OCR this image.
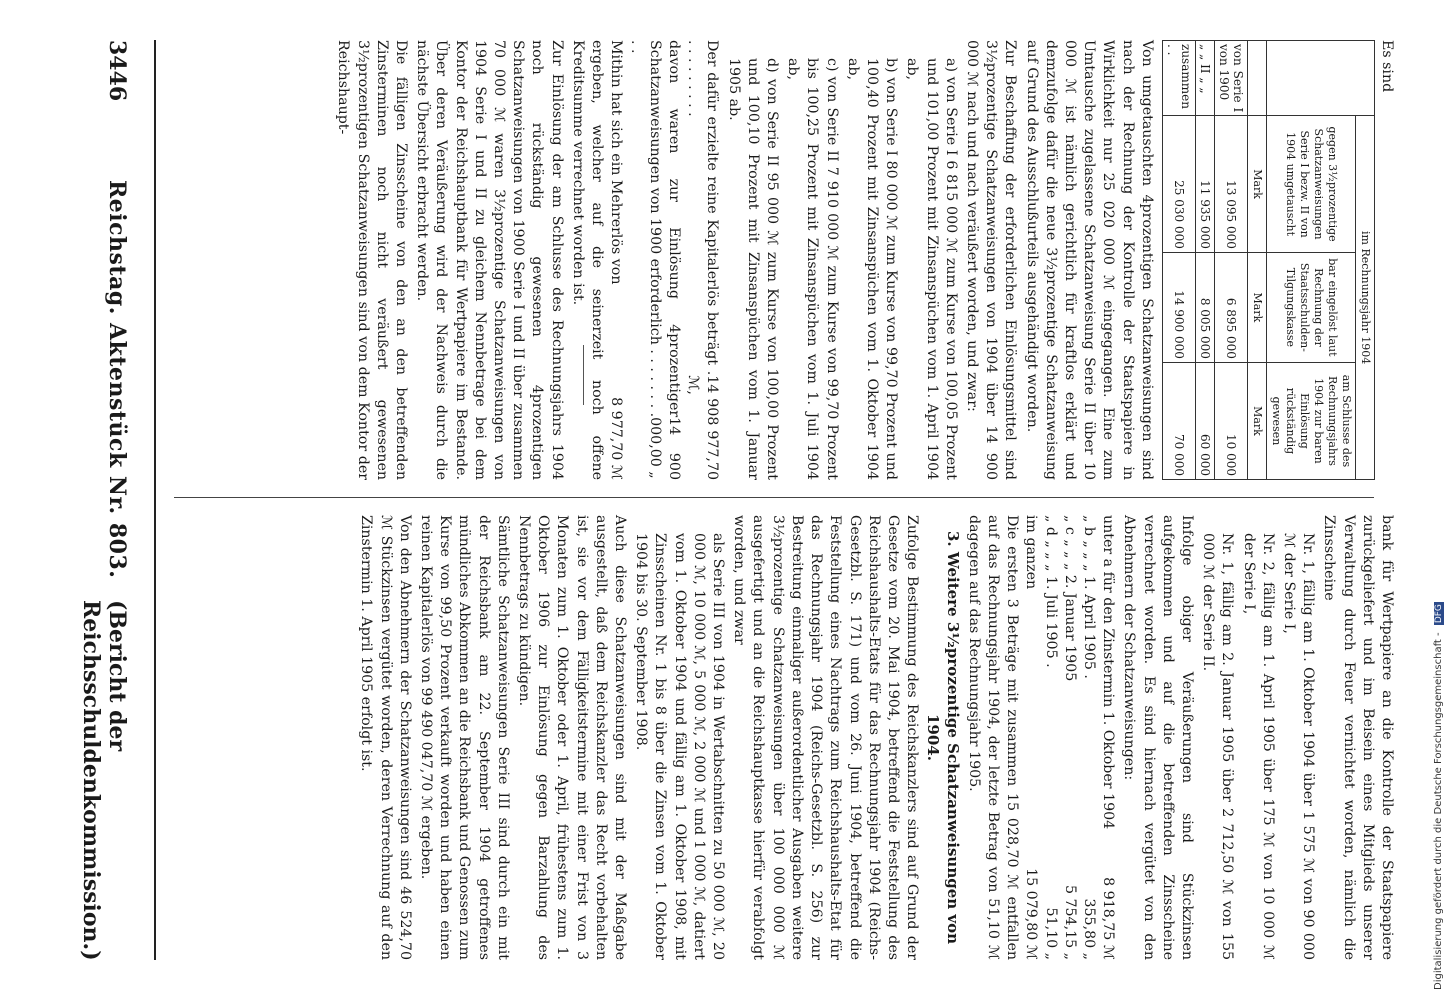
3446
Reichstag. Aktenstück Nr. 803.
(Bericht der Reichsschuldenkommission.)

Es sind

	im Rechnungsjahr 1904		
	gegen 3½prozentige Schatzanweisungen Serie I bezw. II von 1904 umgetauscht	bar eingelöst laut Rechnung der Staatsschulden-Tilgungskasse	am Schlusse des Rechnungsjahrs 1904 zur baren Einlösung rückständig gewesen
	Mark	Mark	Mark
von Serie I von 1900	13 095 000	6 895 000	10 000
„ „ II „ „	11 935 000	8 005 000	60 000
zusammen . .	25 030 000	14 900 000	70 000

Von umgetauschten 4prozentigen Schatzanweisungen sind nach der Rechnung der Kontrolle der Staatspapiere in Wirklichkeit nur 25 020 000 ℳ eingegangen. Eine zum Umtausche zugelassene Schatzanweisung Serie II über 10 000 ℳ ist nämlich gerichtlich für kraftlos erklärt und demzufolge dafür die neue 3½prozentige Schatzanweisung auf Grund des Ausschlußurteils ausgehändigt worden.

Zur Beschaffung der erforderlichen Einlösungsmittel sind 3½prozentige Schatzanweisungen von 1904 über 14 900 000 ℳ nach und nach veräußert worden, und zwar:

a) von Serie I 6 815 000 ℳ zum Kurse von 100,05 Prozent und 101,00 Prozent mit Zinsanspüchen vom 1. April 1904 ab,

b) von Serie I 80 000 ℳ zum Kurse von 99,70 Prozent und 100,40 Prozent mit Zinsanspüchen vom 1. Oktober 1904 ab,

c) von Serie II 7 910 000 ℳ zum Kurse von 99,70 Prozent bis 100,25 Prozent mit Zinsanspüchen vom 1. Juli 1904 ab,

d) von Serie II 95 000 ℳ zum Kurse von 100,00 Prozent und 100,10 Prozent mit Zinsanspüchen vom 1. Januar 1905 ab.

Der dafür erzielte reine Kapitalerlös beträgt . . . . . . . . . .
14 908 977,70 ℳ,
davon waren zur Einlösung 4prozentiger Schatzanweisungen von 1900 erforderlich . . . . . . . . . .
14 900 000,00 „
Mithin hat sich ein Mehrerlös von
8 977,70 ℳ

ergeben, welcher auf die seinerzeit noch offene Kreditsumme verrechnet worden ist.

Zur Einlösung der am Schlusse des Rechnungsjahrs 1904 noch rückständig gewesenen 4prozentigen Schatzanweisungen von 1900 Serie I und II über zusammen 70 000 ℳ waren 3½prozentige Schatzanweisungen von 1904 Serie I und II zu gleichem Nennbetrage bei dem Kontor der Reichshauptbank für Wertpapiere im Bestande. Über deren Veräußerung wird der Nachweis durch die nächste Übersicht erbracht werden.

Die fälligen Zinsscheine von den an den betreffenden Zinsterminen noch nicht veräußert gewesenen 3½prozentigen Schatzanweisungen sind von dem Kontor der Reichshaupt-

bank für Wertpapiere an die Kontrolle der Staatspapiere zurückgeliefert und im Beisein eines Mitglieds unserer Verwaltung durch Feuer vernichtet worden, nämlich die Zinsscheine

Nr. 1, fällig am 1. Oktober 1904 über 1 575 ℳ von 90 000 ℳ der Serie I,

Nr. 2, fällig am 1. April 1905 über 175 ℳ von 10 000 ℳ der Serie I,

Nr. 1, fällig am 2. Januar 1905 über 2 712,50 ℳ von 155 000 ℳ der Serie II.

Infolge obiger Veräußerungen sind Stückzinsen aufgekommen und auf die betreffenden Zinsscheine verrechnet worden. Es sind hiernach vergütet von den Abnehmern der Schatzanweisungen:

unter a für den Zinstermin 1. Oktober 1904
8 918,75 ℳ
„ b „ „ „ 1. April 1905 .
355,80 „
„ c „ „ „ 2. Januar 1905
5 754,15 „
„ d „ „ „ 1. Juli 1905 .
51,10 „
im ganzen
15 079,80 ℳ

Die ersten 3 Beträge mit zusammen 15 028,70 ℳ entfallen auf das Rechnungsjahr 1904, der letzte Betrag von 51,10 ℳ dagegen auf das Rechnungsjahr 1905.

3. Weitere 3½prozentige Schatzanweisungen von 1904.

Zufolge Bestimmung des Reichskanzlers sind auf Grund der Gesetze vom 20. Mai 1904, betreffend die Feststellung des Reichshaushalts-Etats für das Rechnungsjahr 1904 (Reichs-Gesetzbl. S. 171) und vom 26. Juni 1904, betreffend die Feststellung eines Nachtrags zum Reichshaushalts-Etat für das Rechnungsjahr 1904 (Reichs-Gesetzbl. S. 256) zur Bestreitung einmaliger außerordentlicher Ausgaben weitere 3½prozentige Schatzanweisungen über 100 000 000 ℳ ausgefertigt und an die Reichshauptkasse hierfür verabfolgt worden, und zwar

als Serie III von 1904 in Wertabschnitten zu 50 000 ℳ, 20 000 ℳ, 10 000 ℳ, 5 000 ℳ, 2 000 ℳ und 1 000 ℳ, datiert vom 1. Oktober 1904 und fällig am 1. Oktober 1908, mit Zinsscheinen Nr. 1 bis 8 über die Zinsen vom 1. Oktober 1904 bis 30. September 1908.

Auch diese Schatzanweisungen sind mit der Maßgabe ausgestellt, daß dem Reichskanzler das Recht vorbehalten ist, sie vor dem Fälligkeitstermine mit einer Frist von 3 Monaten zum 1. Oktober oder 1. April, frühestens zum 1. Oktober 1906 zur Einlösung gegen Barzahlung des Nennbetrags zu kündigen.

Sämtliche Schatzanweisungen Serie III sind durch ein mit der Reichsbank am 22. September 1904 getroffenes mündliches Abkommen an die Reichsbank und Genossen zum Kurse von 99,50 Prozent verkauft worden und haben einen reinen Kapitalerlös von 99 490 047,70 ℳ ergeben.

Von den Abnehmern der Schatzanweisungen sind 46 524,70 ℳ Stückzinsen vergütet worden, deren Verrechnung auf den Zinstermin 1. April 1905 erfolgt ist.	Digitalisierung gefördert durch die Deutsche Forschungsgemeinschaft - DFG
